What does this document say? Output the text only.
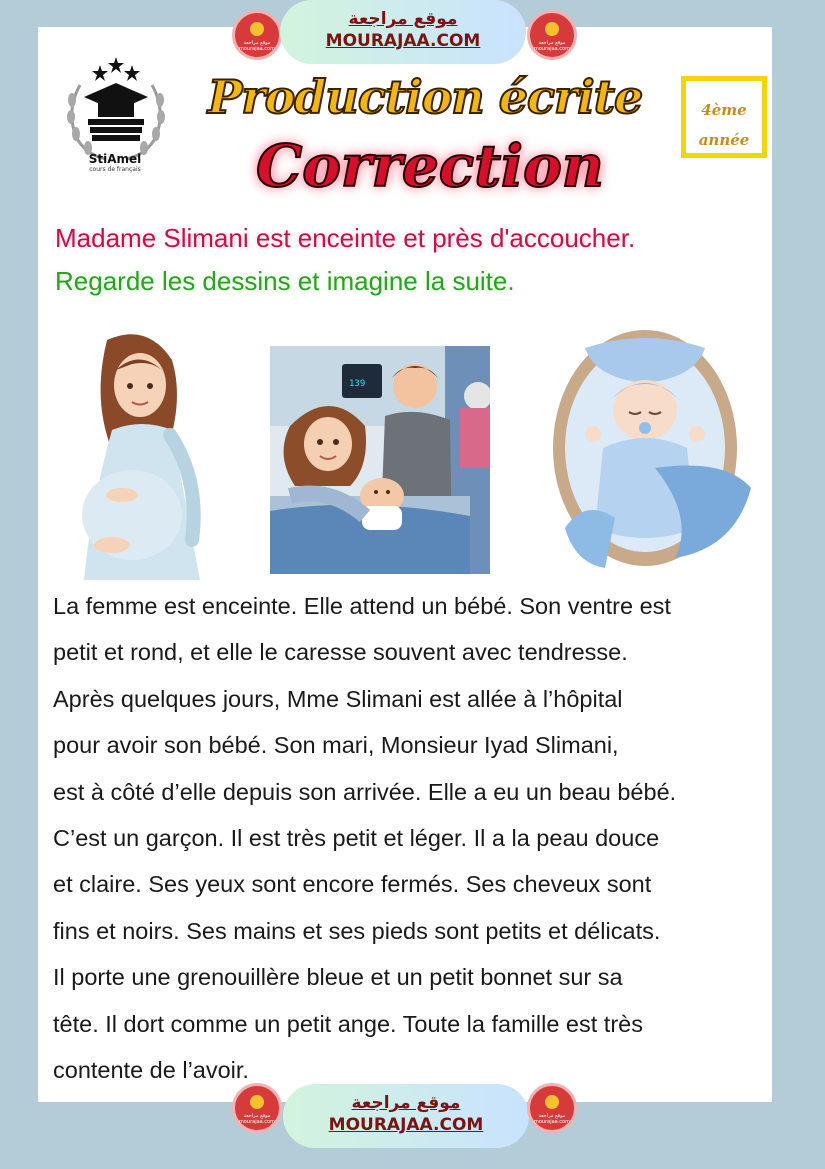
موقع مراجعة mourajaa.com
موقع مراجعة
MOURAJAA.COM	موقع مراجعة mourajaa.com
StiAmel
cours de français
Production écrite
Correction
4ème
année
Madame Slimani est enceinte et près d'accoucher.
Regarde les dessins et imagine la suite.
139
La femme est enceinte. Elle attend un bébé. Son ventre est
petit et rond, et elle le caresse souvent avec tendresse.
Après quelques jours, Mme Slimani est allée à l’hôpital
pour avoir son bébé. Son mari, Monsieur Iyad Slimani,
est à côté d’elle depuis son arrivée. Elle a eu un beau bébé.
C’est un garçon. Il est très petit et léger. Il a la peau douce
et claire. Ses yeux sont encore fermés. Ses cheveux sont
fins et noirs. Ses mains et ses pieds sont petits et délicats.
Il porte une grenouillère bleue et un petit bonnet sur sa
tête. Il dort comme un petit ange. Toute la famille est très
contente de l’avoir.
موقع مراجعة mourajaa.com
موقع مراجعة
MOURAJAA.COM	موقع مراجعة mourajaa.com
